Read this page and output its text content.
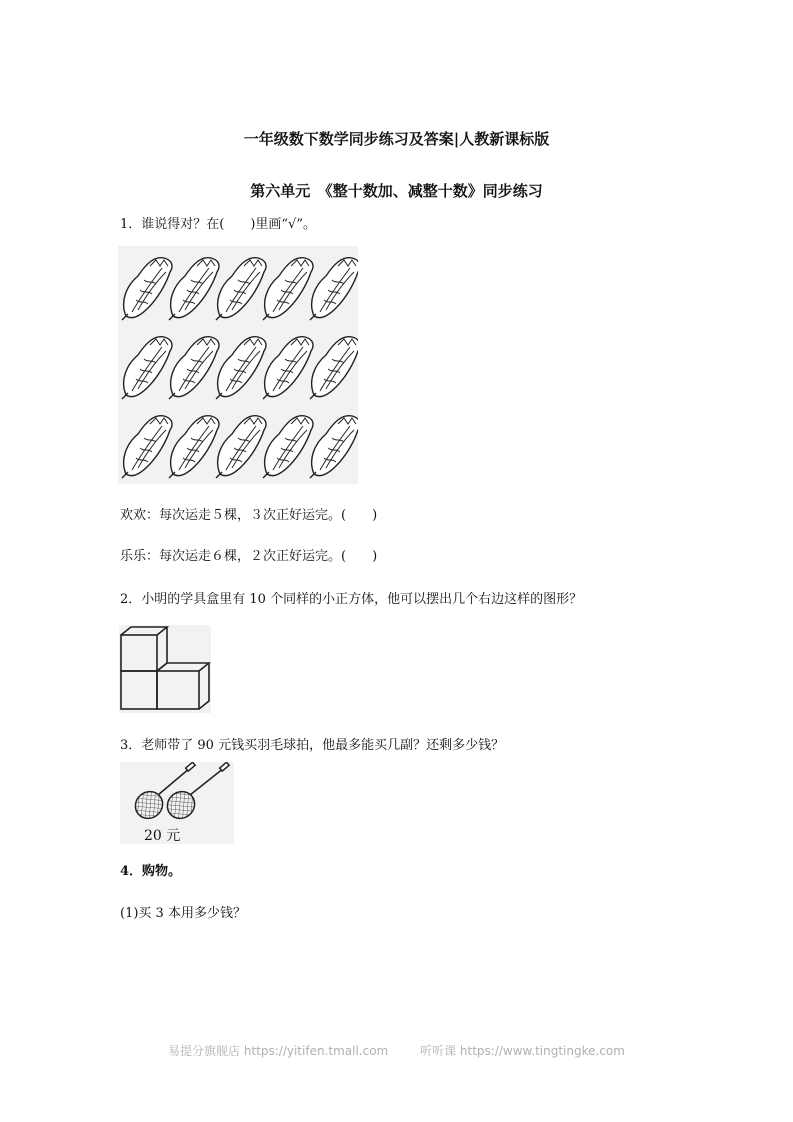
一年级数下数学同步练习及答案|人教新课标版
第六单元　《整十数加、减整十数》同步练习
1．谁说得对？在(　　)里画“√”。
欢欢：每次运走５棵，３次正好运完。(　　)
乐乐：每次运走６棵，２次正好运完。(　　)
2．小明的学具盒里有 10 个同样的小正方体，他可以摆出几个右边这样的图形？
3．老师带了 90 元钱买羽毛球拍，他最多能买几副？还剩多少钱？
20 元
4．购物。
(1)买 3 本用多少钱？
易提分旗舰店 https://yitifen.tmall.com	听听课 https://www.tingtingke.com
